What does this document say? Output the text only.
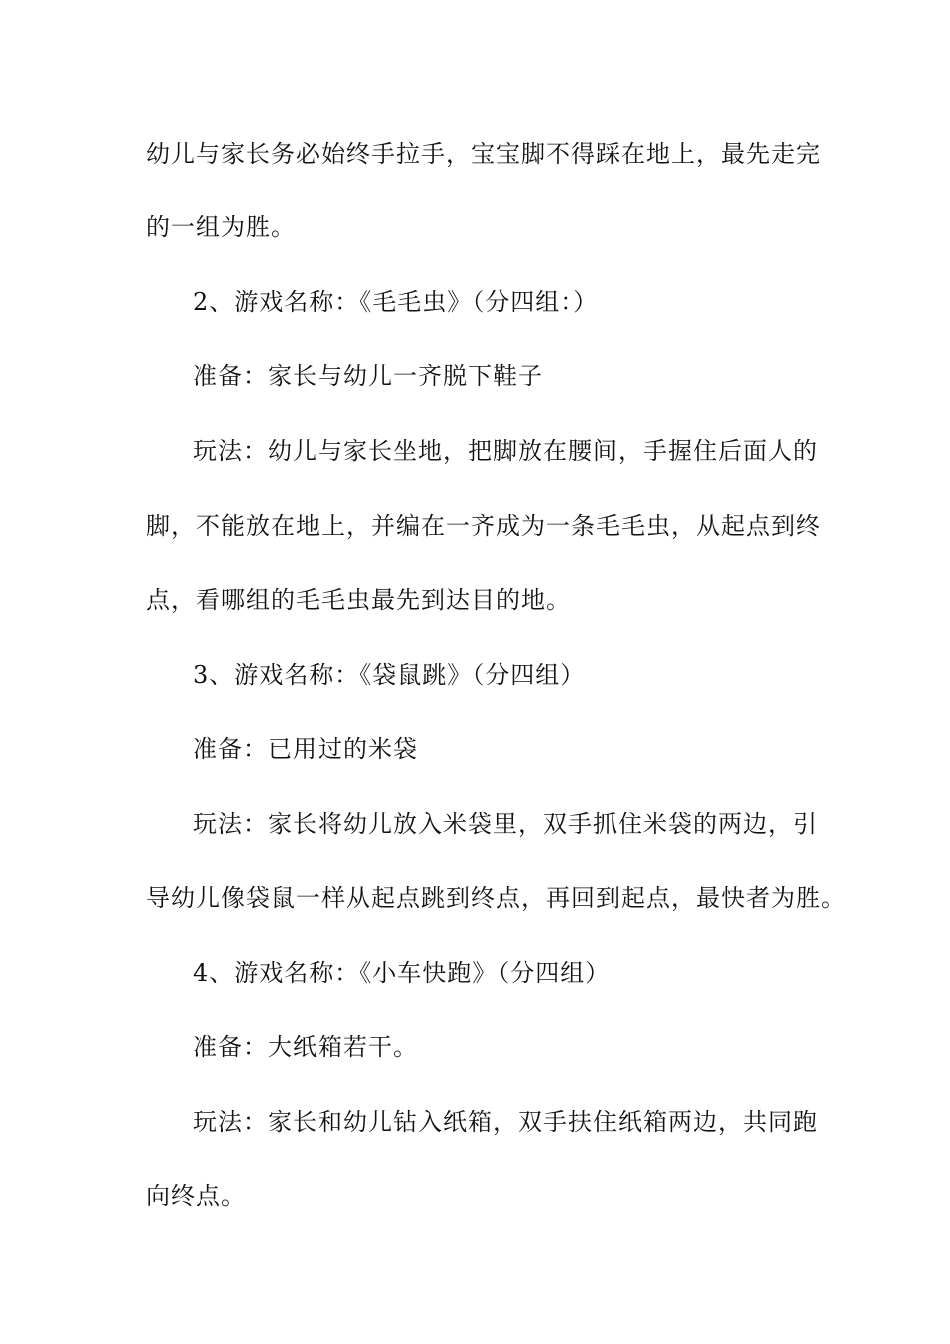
幼儿与家长务必始终手拉手，宝宝脚不得踩在地上，最先走完
的一组为胜。
2、游戏名称：《毛毛虫》（分四组：）
准备：家长与幼儿一齐脱下鞋子
玩法：幼儿与家长坐地，把脚放在腰间，手握住后面人的
脚，不能放在地上，并编在一齐成为一条毛毛虫，从起点到终
点，看哪组的毛毛虫最先到达目的地。
3、游戏名称：《袋鼠跳》（分四组）
准备：已用过的米袋
玩法：家长将幼儿放入米袋里，双手抓住米袋的两边，引
导幼儿像袋鼠一样从起点跳到终点，再回到起点，最快者为胜。
4、游戏名称：《小车快跑》（分四组）
准备：大纸箱若干。
玩法：家长和幼儿钻入纸箱，双手扶住纸箱两边，共同跑
向终点。
